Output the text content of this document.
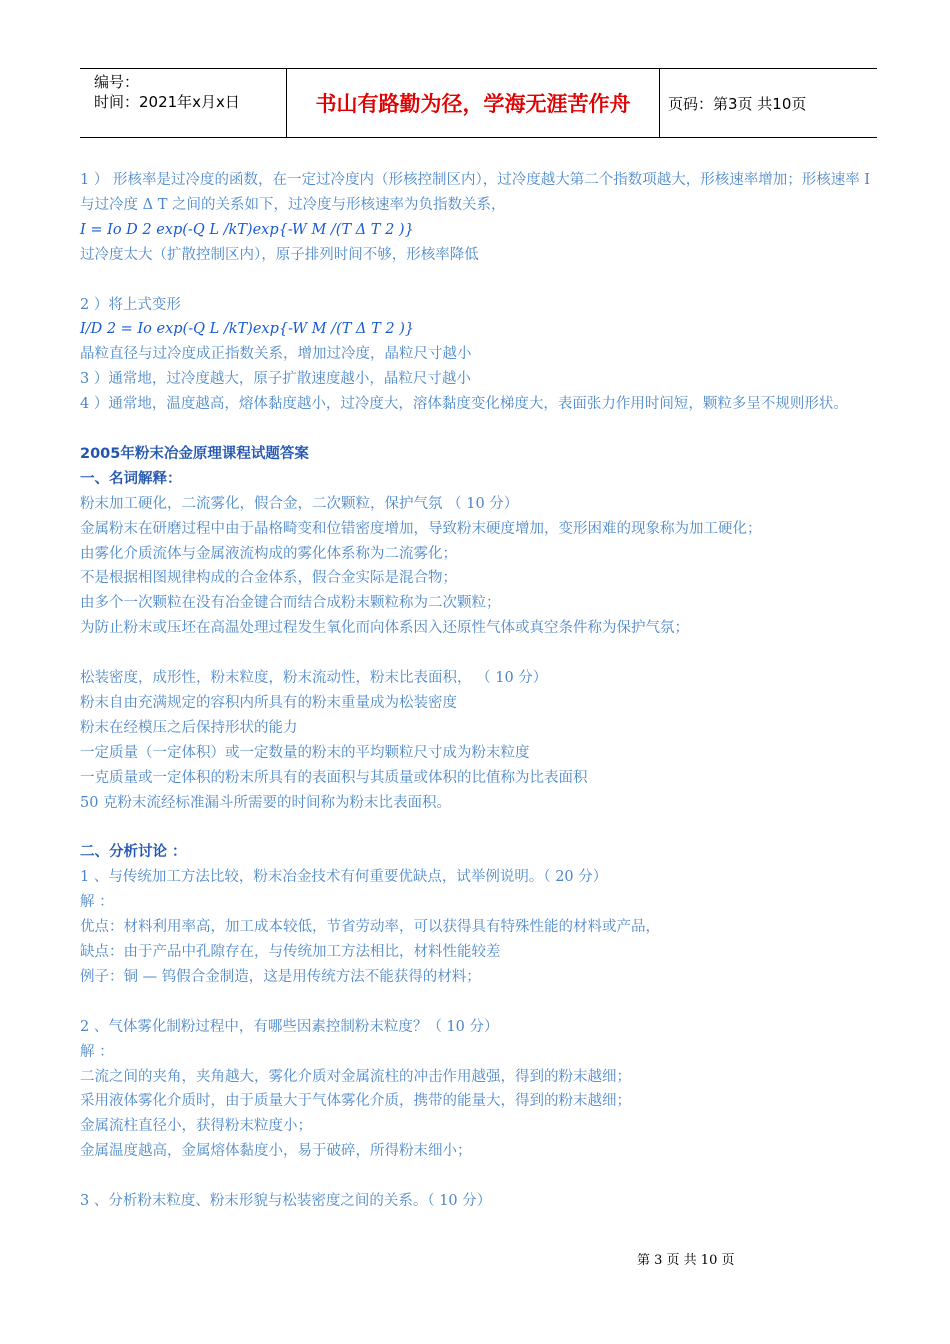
编号：
时间：2021年x月x日	书山有路勤为径，学海无涯苦作舟	页码：第3页 共10页
1 ） 形核率是过冷度的函数，在一定过冷度内（形核控制区内），过冷度越大第二个指数项越大，形核速率增加；形核速率 I 与过冷度 Δ T 之间的关系如下，过冷度与形核速率为负指数关系，
I = Io D 2 exp(-Q L /kT)exp{-W M /(T Δ T 2 )}
过冷度太大（扩散控制区内），原子排列时间不够，形核率降低
2 ）将上式变形
I/D 2 = Io exp(-Q L /kT)exp{-W M /(T Δ T 2 )}
晶粒直径与过冷度成正指数关系，增加过冷度，晶粒尺寸越小
3 ）通常地，过冷度越大，原子扩散速度越小，晶粒尺寸越小
4 ）通常地，温度越高，熔体黏度越小，过冷度大，溶体黏度变化梯度大，表面张力作用时间短，颗粒多呈不规则形状。
2005年粉末冶金原理课程试题答案
一、名词解释：
粉末加工硬化，二流雾化，假合金，二次颗粒，保护气氛 （ 10 分）
金属粉末在研磨过程中由于晶格畸变和位错密度增加，导致粉末硬度增加，变形困难的现象称为加工硬化；
由雾化介质流体与金属液流构成的雾化体系称为二流雾化；
不是根据相图规律构成的合金体系，假合金实际是混合物；
由多个一次颗粒在没有冶金键合而结合成粉末颗粒称为二次颗粒；
为防止粉末或压坯在高温处理过程发生氧化而向体系因入还原性气体或真空条件称为保护气氛；
松装密度，成形性，粉末粒度，粉末流动性，粉末比表面积， （ 10 分）
粉末自由充满规定的容积内所具有的粉末重量成为松装密度
粉末在经模压之后保持形状的能力
一定质量（一定体积）或一定数量的粉末的平均颗粒尺寸成为粉末粒度
一克质量或一定体积的粉末所具有的表面积与其质量或体积的比值称为比表面积
50 克粉末流经标准漏斗所需要的时间称为粉末比表面积。
二、分析讨论 ：
1 、与传统加工方法比较，粉末冶金技术有何重要优缺点，试举例说明。（ 20 分）
解 ：
优点：材料利用率高，加工成本较低，节省劳动率，可以获得具有特殊性能的材料或产品，
缺点：由于产品中孔隙存在，与传统加工方法相比，材料性能较差
例子：铜 — 钨假合金制造，这是用传统方法不能获得的材料；
2 、气体雾化制粉过程中，有哪些因素控制粉末粒度？（ 10 分）
解 ：
二流之间的夹角，夹角越大，雾化介质对金属流柱的冲击作用越强，得到的粉末越细；
采用液体雾化介质时，由于质量大于气体雾化介质，携带的能量大，得到的粉末越细；
金属流柱直径小，获得粉末粒度小；
金属温度越高，金属熔体黏度小，易于破碎，所得粉末细小；
3 、分析粉末粒度、粉末形貌与松装密度之间的关系。（ 10 分）
第 3 页 共 10 页
